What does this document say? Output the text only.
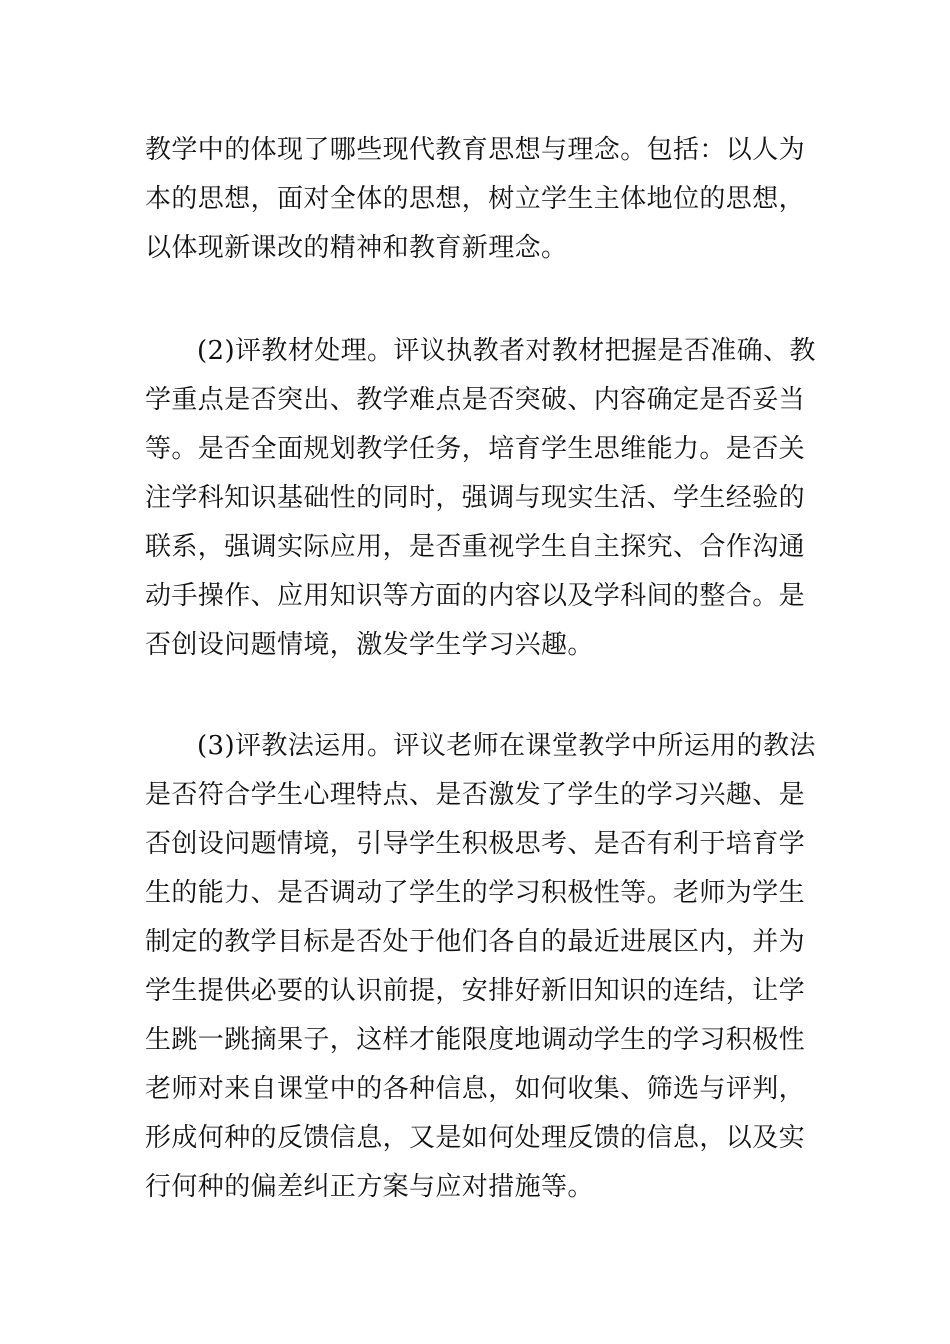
教学中的体现了哪些现代教育思想与理念。包括：以人为
本的思想，面对全体的思想，树立学生主体地位的思想，
以体现新课改的精神和教育新理念。
(2)评教材处理。评议执教者对教材把握是否准确、教
学重点是否突出、教学难点是否突破、内容确定是否妥当
等。是否全面规划教学任务，培育学生思维能力。是否关
注学科知识基础性的同时，强调与现实生活、学生经验的
联系，强调实际应用，是否重视学生自主探究、合作沟通
动手操作、应用知识等方面的内容以及学科间的整合。是
否创设问题情境，激发学生学习兴趣。
(3)评教法运用。评议老师在课堂教学中所运用的教法
是否符合学生心理特点、是否激发了学生的学习兴趣、是
否创设问题情境，引导学生积极思考、是否有利于培育学
生的能力、是否调动了学生的学习积极性等。老师为学生
制定的教学目标是否处于他们各自的最近进展区内，并为
学生提供必要的认识前提，安排好新旧知识的连结，让学
生跳一跳摘果子，这样才能限度地调动学生的学习积极性
老师对来自课堂中的各种信息，如何收集、筛选与评判，
形成何种的反馈信息，又是如何处理反馈的信息，以及实
行何种的偏差纠正方案与应对措施等。
